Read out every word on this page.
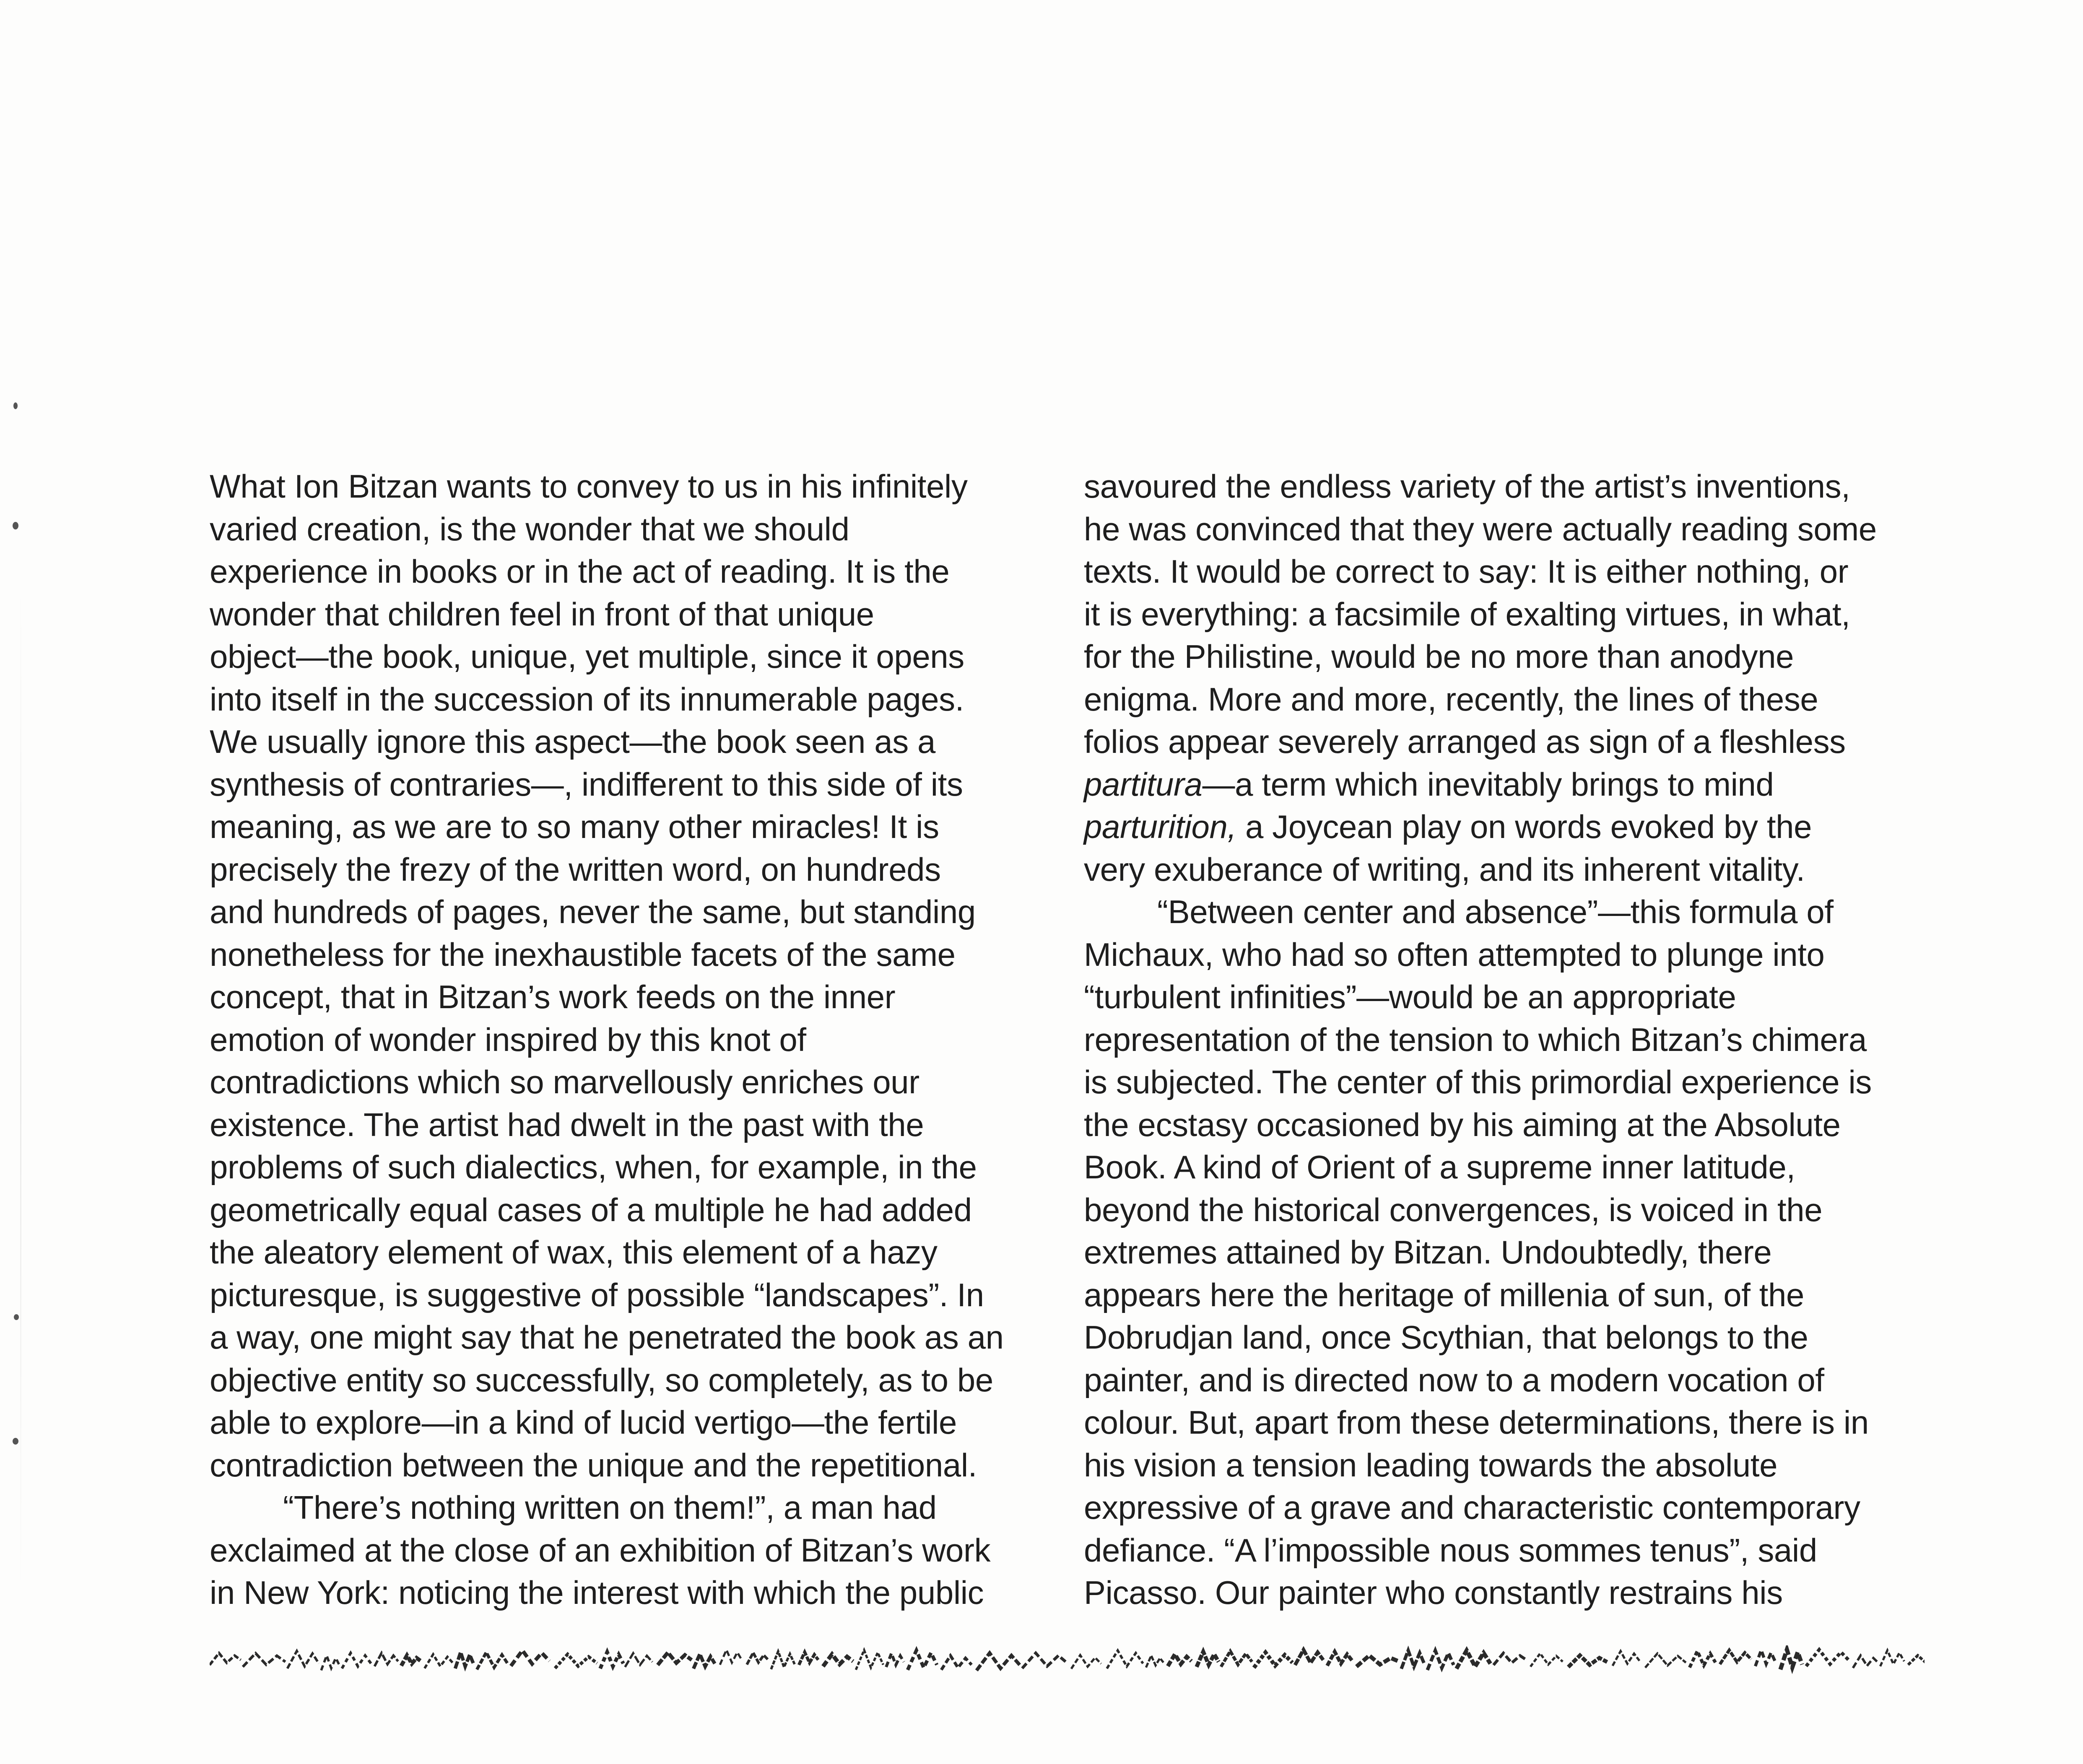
What Ion Bitzan wants to convey to us in his infinitely
varied creation, is the wonder that we should
experience in books or in the act of reading. It is the
wonder that children feel in front of that unique
object—the book, unique, yet multiple, since it opens
into itself in the succession of its innumerable pages.
We usually ignore this aspect—the book seen as a
synthesis of contraries—, indifferent to this side of its
meaning, as we are to so many other miracles! It is
precisely the frezy of the written word, on hundreds
and hundreds of pages, never the same, but standing
nonetheless for the inexhaustible facets of the same
concept, that in Bitzan’s work feeds on the inner
emotion of wonder inspired by this knot of
contradictions which so marvellously enriches our
existence. The artist had dwelt in the past with the
problems of such dialectics, when, for example, in the
geometrically equal cases of a multiple he had added
the aleatory element of wax, this element of a hazy
picturesque, is suggestive of possible “landscapes”. In
a way, one might say that he penetrated the book as an
objective entity so successfully, so completely, as to be
able to explore—in a kind of lucid vertigo—the fertile
contradiction between the unique and the repetitional.
“There’s nothing written on them!”, a man had
exclaimed at the close of an exhibition of Bitzan’s work
in New York: noticing the interest with which the public
savoured the endless variety of the artist’s inventions,
he was convinced that they were actually reading some
texts. It would be correct to say: It is either nothing, or
it is everything: a facsimile of exalting virtues, in what,
for the Philistine, would be no more than anodyne
enigma. More and more, recently, the lines of these
folios appear severely arranged as sign of a fleshless
partitura—a term which inevitably brings to mind
parturition, a Joycean play on words evoked by the
very exuberance of writing, and its inherent vitality.
“Between center and absence”—this formula of
Michaux, who had so often attempted to plunge into
“turbulent infinities”—would be an appropriate
representation of the tension to which Bitzan’s chimera
is subjected. The center of this primordial experience is
the ecstasy occasioned by his aiming at the Absolute
Book. A kind of Orient of a supreme inner latitude,
beyond the historical convergences, is voiced in the
extremes attained by Bitzan. Undoubtedly, there
appears here the heritage of millenia of sun, of the
Dobrudjan land, once Scythian, that belongs to the
painter, and is directed now to a modern vocation of
colour. But, apart from these determinations, there is in
his vision a tension leading towards the absolute
expressive of a grave and characteristic contemporary
defiance. “A l’impossible nous sommes tenus”, said
Picasso. Our painter who constantly restrains his
